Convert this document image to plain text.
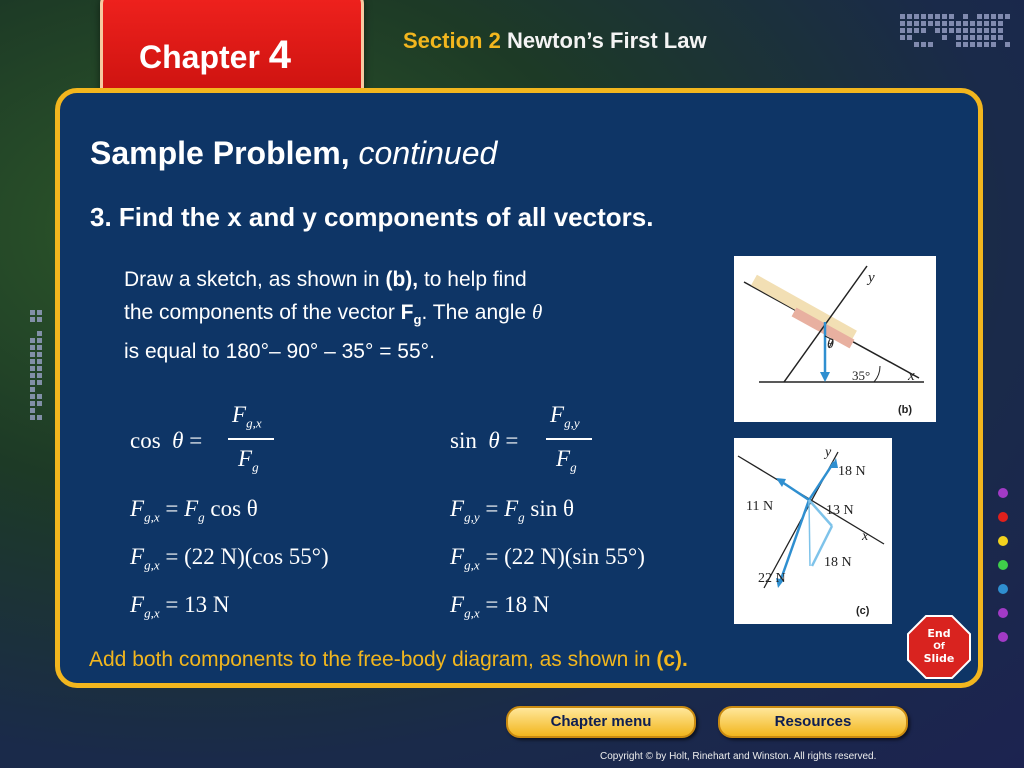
Chapter 4	Section 2 Newton’s First Law
Sample Problem, continued
3. Find the x and y components of all vectors.
Draw a sketch, as shown in (b), to help find
the components of the vector $F_g$. The angle θ
is equal to 180°– 90° – 35° = 55°.
cos θ =
$F_{g,x}$
$F_g$
sin θ =
$F_{g,y}$
$F_g$
$F_{g,x} = F_g$ cos θ	$F_{g,y} = F_g$ sin θ
$F_{g,x} = (22$ N)(cos 55°)	$F_{g,x} = (22$ N)(sin 55°)
$F_{g,x} = 13$ N	$F_{g,x} = 18$ N
y
x
θ
35°
(b)
y
x
18 N
11 N	13 N
18 N
22 N
(c)
Add both components to the free-body diagram, as shown in (c).
End
Of
Slide
Chapter menu	Resources
Copyright © by Holt, Rinehart and Winston. All rights reserved.
